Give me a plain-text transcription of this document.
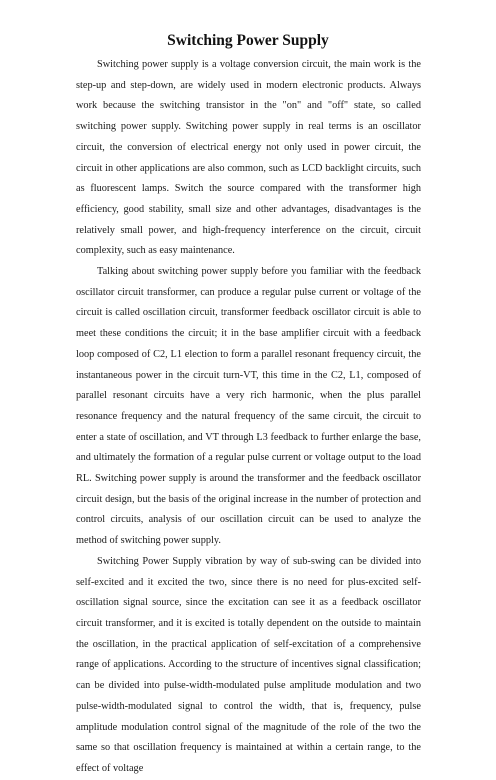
Switching Power Supply

Switching power supply is a voltage conversion circuit, the main work is the step-up and step-down, are widely used in modern electronic products. Always work because the switching transistor in the "on" and "off" state, so called switching power supply. Switching power supply in real terms is an oscillator circuit, the conversion of electrical energy not only used in power circuit, the circuit in other applications are also common, such as LCD backlight circuits, such as fluorescent lamps. Switch the source compared with the transformer high efficiency, good stability, small size and other advantages, disadvantages is the relatively small power, and high-frequency interference on the circuit, circuit complexity, such as easy maintenance.

Talking about switching power supply before you familiar with the feedback oscillator circuit transformer, can produce a regular pulse current or voltage of the circuit is called oscillation circuit, transformer feedback oscillator circuit is able to meet these conditions the circuit; it in the base amplifier circuit with a feedback loop composed of C2, L1 election to form a parallel resonant frequency circuit, the instantaneous power in the circuit turn-VT, this time in the C2, L1, composed of parallel resonant circuits have a very rich harmonic, when the plus parallel resonance frequency and the natural frequency of the same circuit, the circuit to enter a state of oscillation, and VT through L3 feedback to further enlarge the base, and ultimately the formation of a regular pulse current or voltage output to the load RL. Switching power supply is around the transformer and the feedback oscillator circuit design, but the basis of the original increase in the number of protection and control circuits, analysis of our oscillation circuit can be used to analyze the method of switching power supply.

Switching Power Supply vibration by way of sub-swing can be divided into self-excited and it excited the two, since there is no need for plus-excited self-oscillation signal source, since the excitation can see it as a feedback oscillator circuit transformer, and it is excited is totally dependent on the outside to maintain the oscillation, in the practical application of self-excitation of a comprehensive range of applications. According to the structure of incentives signal classification; can be divided into pulse-width-modulated pulse amplitude modulation and two pulse-width-modulated signal to control the width, that is, frequency, pulse amplitude modulation control signal of the magnitude of the role of the two the same so that oscillation frequency is maintained at within a certain range, to the effect of voltage
